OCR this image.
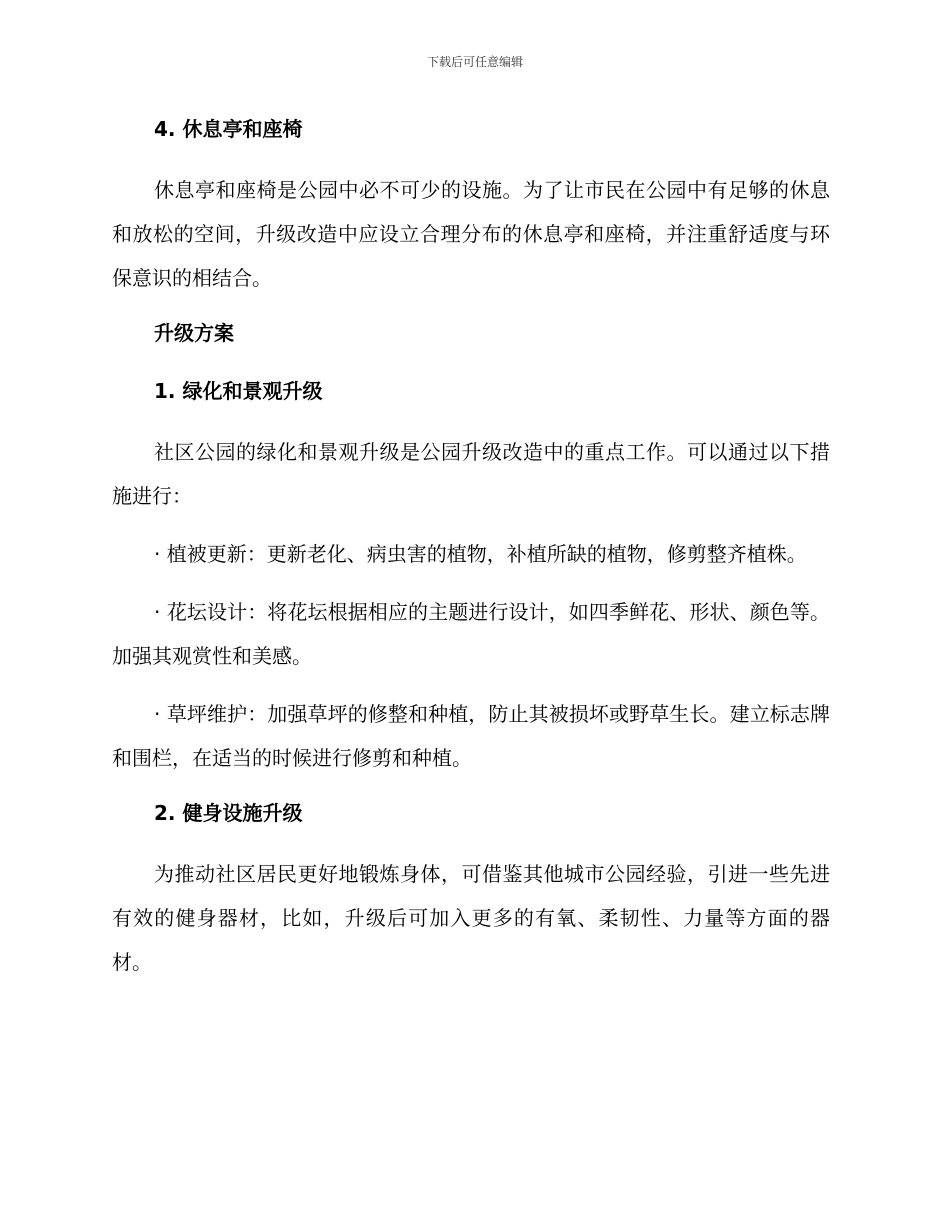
下载后可任意编辑
4. 休息亭和座椅
休息亭和座椅是公园中必不可少的设施。为了让市民在公园中有足够的休息和放松的空间，升级改造中应设立合理分布的休息亭和座椅，并注重舒适度与环保意识的相结合。
升级方案
1. 绿化和景观升级
社区公园的绿化和景观升级是公园升级改造中的重点工作。可以通过以下措施进行：
· 植被更新：更新老化、病虫害的植物，补植所缺的植物，修剪整齐植株。
· 花坛设计：将花坛根据相应的主题进行设计，如四季鲜花、形状、颜色等。加强其观赏性和美感。
· 草坪维护：加强草坪的修整和种植，防止其被损坏或野草生长。建立标志牌和围栏，在适当的时候进行修剪和种植。
2. 健身设施升级
为推动社区居民更好地锻炼身体，可借鉴其他城市公园经验，引进一些先进有效的健身器材，比如，升级后可加入更多的有氧、柔韧性、力量等方面的器材。
